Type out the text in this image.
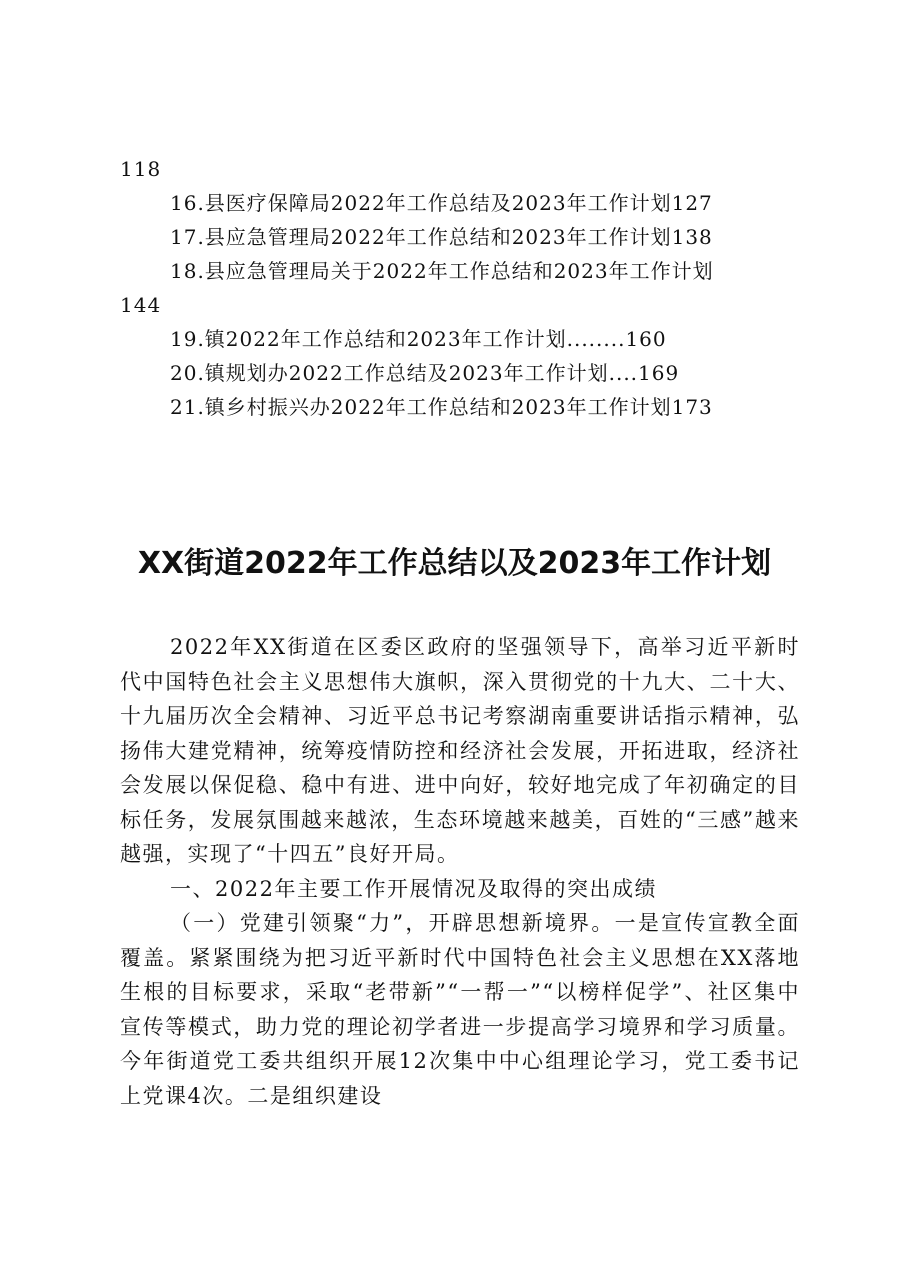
118
16.县医疗保障局2022年工作总结及2023年工作计划127
17.县应急管理局2022年工作总结和2023年工作计划138
18.县应急管理局关于2022年工作总结和2023年工作计划
144
19.镇2022年工作总结和2023年工作计划........160
20.镇规划办2022工作总结及2023年工作计划....169
21.镇乡村振兴办2022年工作总结和2023年工作计划173
XX街道2022年工作总结以及2023年工作计划

2022年XX街道在区委区政府的坚强领导下，高举习近平新时代中国特色社会主义思想伟大旗帜，深入贯彻党的十九大、二十大、十九届历次全会精神、习近平总书记考察湖南重要讲话指示精神，弘扬伟大建党精神，统筹疫情防控和经济社会发展，开拓进取，经济社会发展以保促稳、稳中有进、进中向好，较好地完成了年初确定的目标任务，发展氛围越来越浓，生态环境越来越美，百姓的“三感”越来越强，实现了“十四五”良好开局。

一、2022年主要工作开展情况及取得的突出成绩

（一）党建引领聚“力”，开辟思想新境界。一是宣传宣教全面覆盖。紧紧围绕为把习近平新时代中国特色社会主义思想在XX落地生根的目标要求，采取“老带新”“一帮一”“以榜样促学”、社区集中宣传等模式，助力党的理论初学者进一步提高学习境界和学习质量。今年街道党工委共组织开展12次集中中心组理论学习，党工委书记上党课4次。二是组织建设
